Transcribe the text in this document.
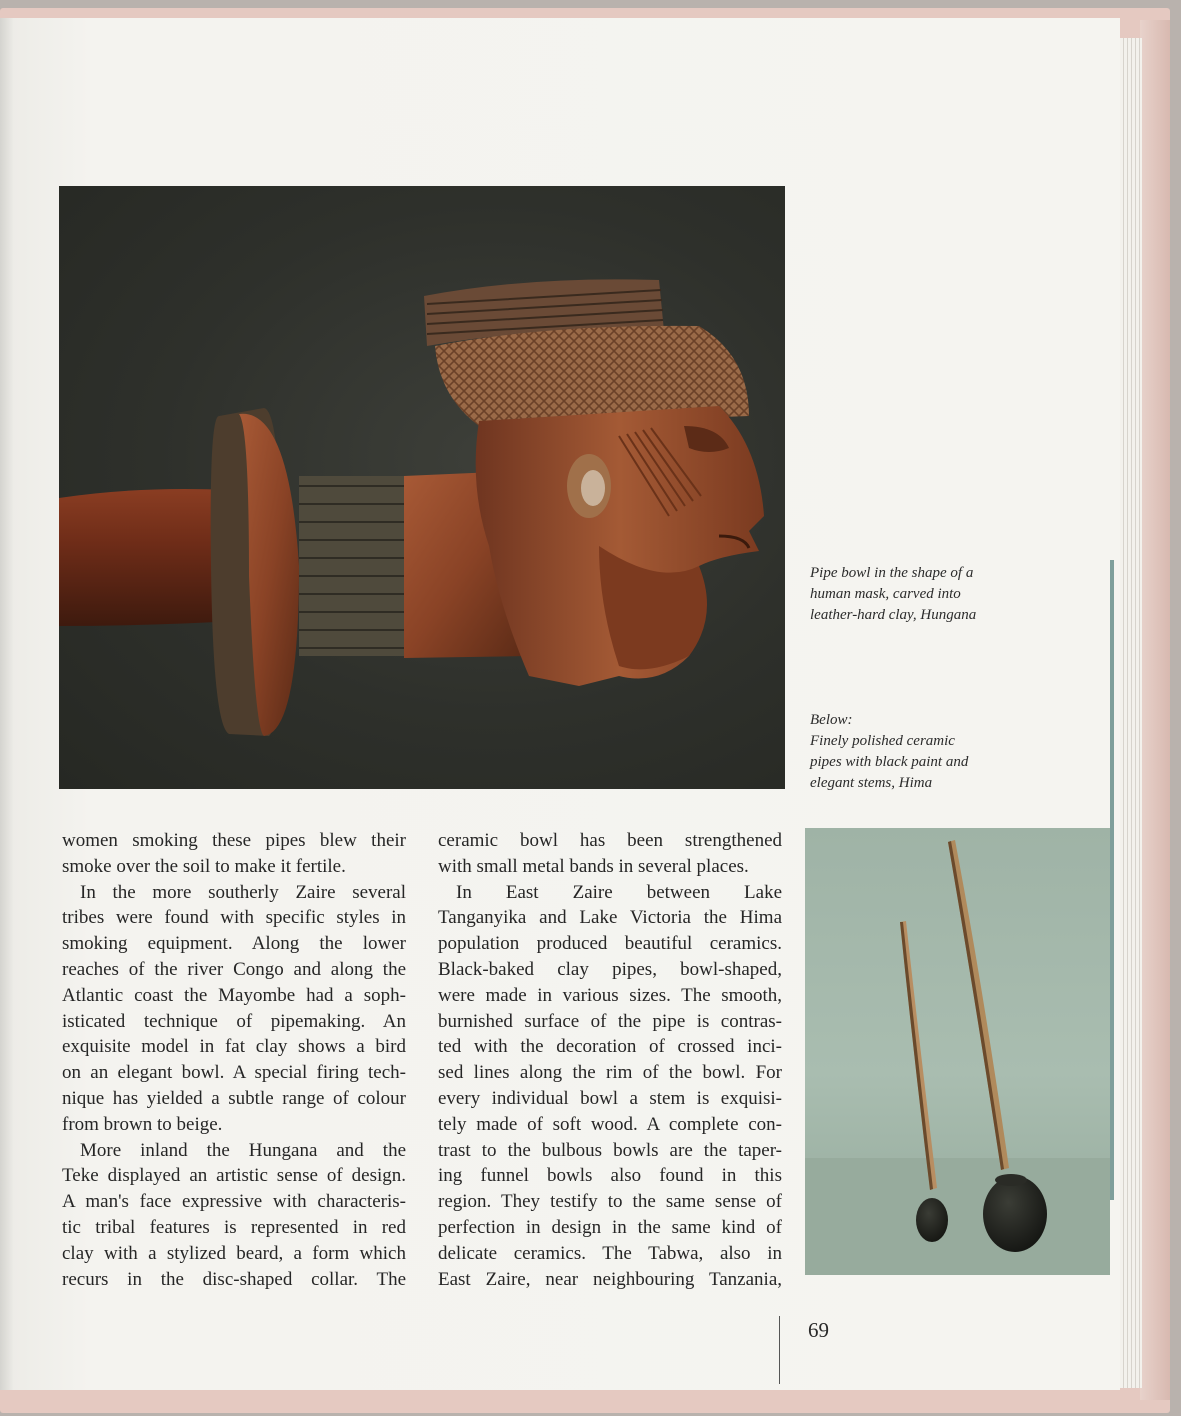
Pipe bowl in the shape of a
human mask, carved into
leather-hard clay, Hungana
Below:
Finely polished ceramic
pipes with black paint and
elegant stems, Hima
women smoking these pipes blew their
smoke over the soil to make it fertile.
In the more southerly Zaire several
tribes were found with specific styles in
smoking equipment. Along the lower
reaches of the river Congo and along the
Atlantic coast the Mayombe had a soph-
isticated technique of pipemaking. An
exquisite model in fat clay shows a bird
on an elegant bowl. A special firing tech-
nique has yielded a subtle range of colour
from brown to beige.
More inland the Hungana and the
Teke displayed an artistic sense of design.
A man's face expressive with characteris-
tic tribal features is represented in red
clay with a stylized beard, a form which
recurs in the disc-shaped collar. The
ceramic bowl has been strengthened
with small metal bands in several places.
In East Zaire between Lake
Tanganyika and Lake Victoria the Hima
population produced beautiful ceramics.
Black-baked clay pipes, bowl-shaped,
were made in various sizes. The smooth,
burnished surface of the pipe is contras-
ted with the decoration of crossed inci-
sed lines along the rim of the bowl. For
every individual bowl a stem is exquisi-
tely made of soft wood. A complete con-
trast to the bulbous bowls are the taper-
ing funnel bowls also found in this
region. They testify to the same sense of
perfection in design in the same kind of
delicate ceramics. The Tabwa, also in
East Zaire, near neighbouring Tanzania,
69
